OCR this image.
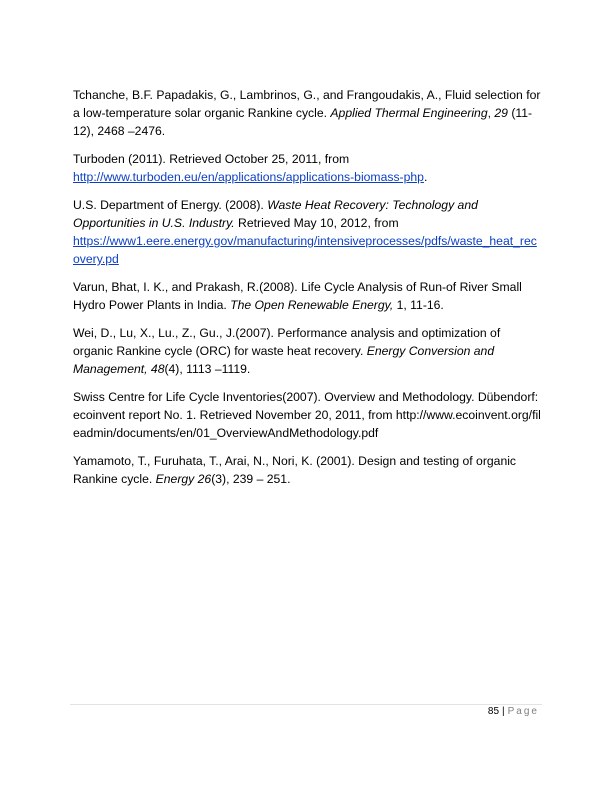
Tchanche, B.F. Papadakis, G., Lambrinos, G., and Frangoudakis, A., Fluid selection for a low-temperature solar organic Rankine cycle. Applied Thermal Engineering, 29 (11-12), 2468 –2476.

Turboden (2011). Retrieved October 25, 2011, from
http://www.turboden.eu/en/applications/applications-biomass-php.

U.S. Department of Energy. (2008). Waste Heat Recovery: Technology and Opportunities in U.S. Industry. Retrieved May 10, 2012, from
https://www1.eere.energy.gov/manufacturing/intensiveprocesses/pdfs/waste_heat_recovery.pd

Varun, Bhat, I. K., and Prakash, R.(2008). Life Cycle Analysis of Run-of River Small Hydro Power Plants in India. The Open Renewable Energy, 1, 11-16.

Wei, D., Lu, X., Lu., Z., Gu., J.(2007). Performance analysis and optimization of organic Rankine cycle (ORC) for waste heat recovery. Energy Conversion and Management, 48(4), 1113 –1119.

Swiss Centre for Life Cycle Inventories(2007). Overview and Methodology. Dübendorf: ecoinvent report No. 1. Retrieved November 20, 2011, from http://www.ecoinvent.org/fileadmin/documents/en/01_OverviewAndMethodology.pdf

Yamamoto, T., Furuhata, T., Arai, N., Nori, K. (2001). Design and testing of organic Rankine cycle. Energy 26(3), 239 – 251.

85 | Page
